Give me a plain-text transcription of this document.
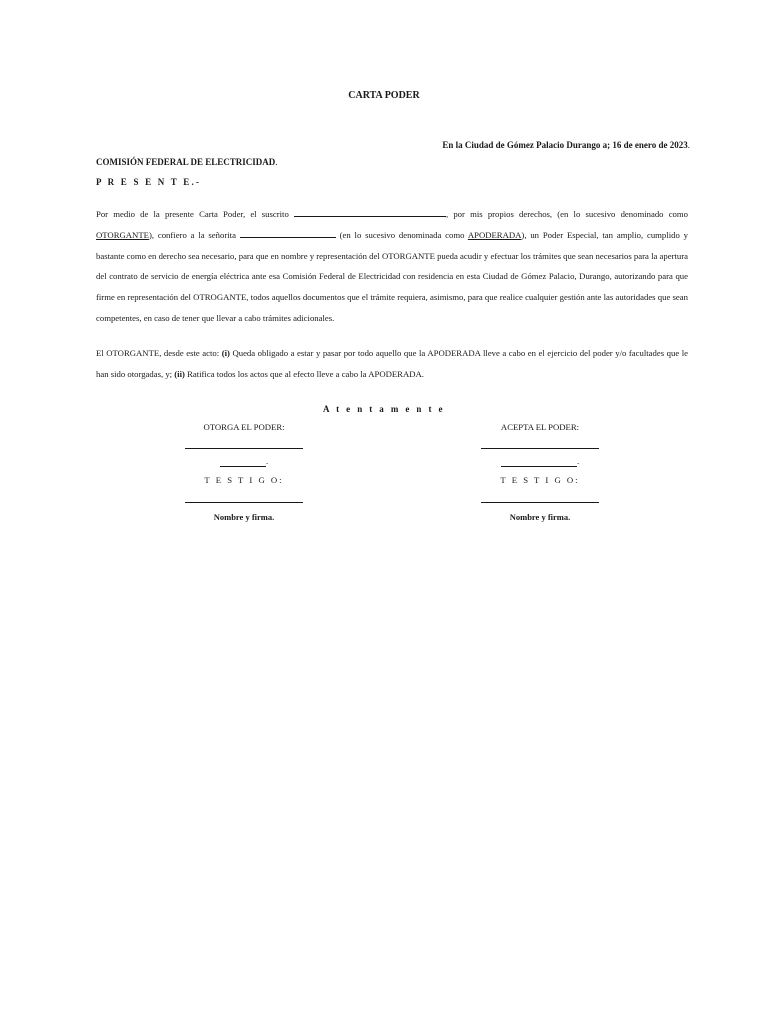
CARTA PODER
En la Ciudad de Gómez Palacio Durango a; 16 de enero de 2023.
COMISIÓN FEDERAL DE ELECTRICIDAD.
P R E S E N T E.-
Por medio de la presente Carta Poder, el suscrito	, por mis propios derechos, (en lo sucesivo denominado como OTORGANTE), confiero a la señorita	(en lo sucesivo denominada como APODERADA), un Poder Especial, tan amplio, cumplido y bastante como en derecho sea necesario, para que en nombre y representación del OTORGANTE pueda acudir y efectuar los trámites que sean necesarios para la apertura del contrato de servicio de energía eléctrica ante esa Comisión Federal de Electricidad con residencia en esta Ciudad de Gómez Palacio, Durango, autorizando para que firme en representación del OTROGANTE, todos aquellos documentos que el trámite requiera, asimismo, para que realice cualquier gestión ante las autoridades que sean competentes, en caso de tener que llevar a cabo trámites adicionales.
El OTORGANTE, desde este acto: (i) Queda obligado a estar y pasar por todo aquello que la APODERADA lleve a cabo en el ejercicio del poder y/o facultades que le han sido otorgadas, y; (ii) Ratifica todos los actos que al efecto lleve a cabo la APODERADA.
A t e n t a m e n t e
OTORGA EL PODER:
.
T E S T I G O:
Nombre y firma.
ACEPTA EL PODER:
.
T E S T I G O:
Nombre y firma.
